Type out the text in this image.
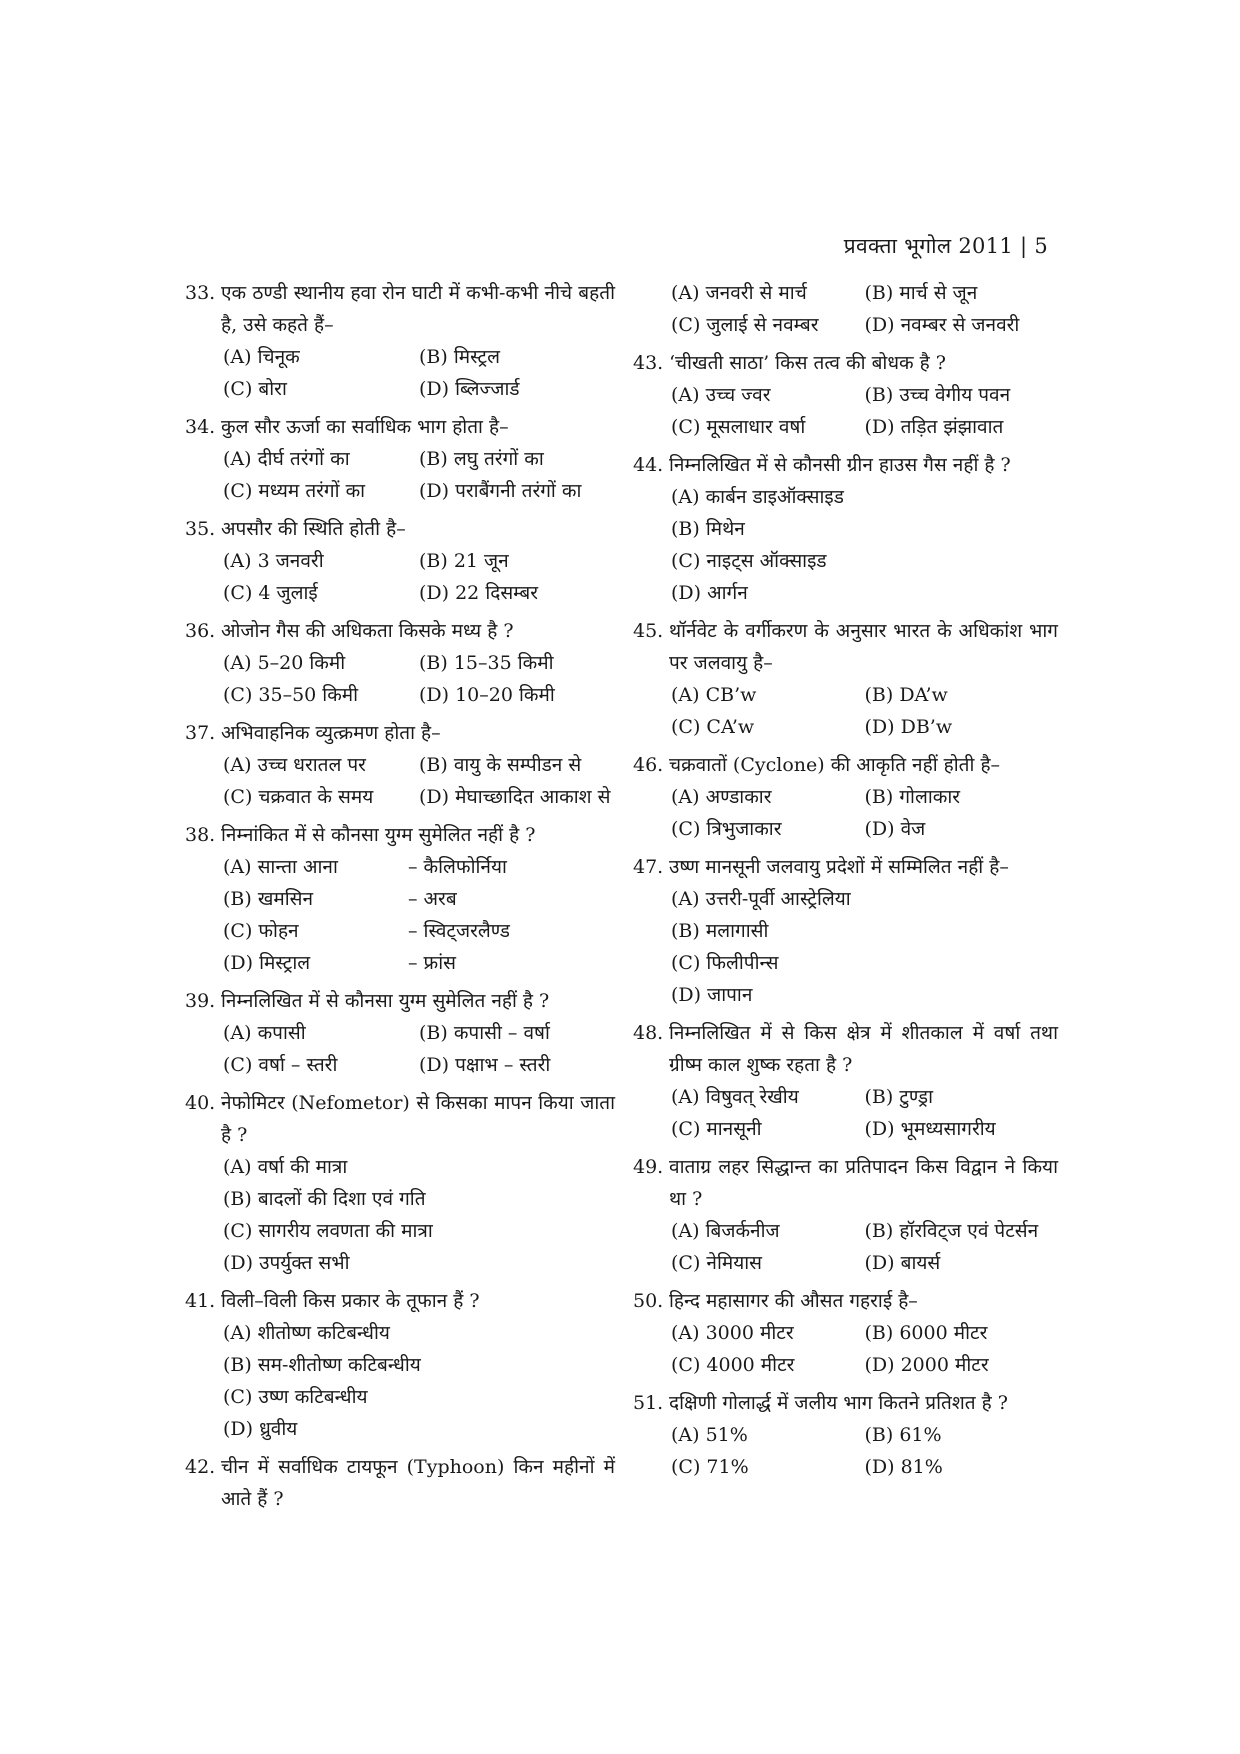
प्रवक्ता भूगोल 2011 | 5
33. एक ठण्डी स्थानीय हवा रोन घाटी में कभी-कभी नीचे बहती है, उसे कहते हैं–
(A) चिनूक	(B) मिस्ट्रल
(C) बोरा	(D) ब्लिज्जार्ड
34. कुल सौर ऊर्जा का सर्वाधिक भाग होता है–
(A) दीर्घ तरंगों का	(B) लघु तरंगों का
(C) मध्यम तरंगों का	(D) पराबैंगनी तरंगों का
35. अपसौर की स्थिति होती है–
(A) 3 जनवरी	(B) 21 जून
(C) 4 जुलाई	(D) 22 दिसम्बर
36. ओजोन गैस की अधिकता किसके मध्य है ?
(A) 5–20 किमी	(B) 15–35 किमी
(C) 35–50 किमी	(D) 10–20 किमी
37. अभिवाहनिक व्युत्क्रमण होता है–
(A) उच्च धरातल पर	(B) वायु के सम्पीडन से
(C) चक्रवात के समय	(D) मेघाच्छादित आकाश से
38. निम्नांकित में से कौनसा युग्म सुमेलित नहीं है ?
(A) सान्ता आना	– कैलिफोर्निया
(B) खमसिन	– अरब
(C) फोहन	– स्विट्जरलैण्ड
(D) मिस्ट्राल	– फ्रांस
39. निम्नलिखित में से कौनसा युग्म सुमेलित नहीं है ?
(A) कपासी	(B) कपासी – वर्षा
(C) वर्षा – स्तरी	(D) पक्षाभ – स्तरी
40. नेफोमिटर (Nefometor) से किसका मापन किया जाता है ?
(A) वर्षा की मात्रा
(B) बादलों की दिशा एवं गति
(C) सागरीय लवणता की मात्रा
(D) उपर्युक्त सभी
41. विली–विली किस प्रकार के तूफान हैं ?
(A) शीतोष्ण कटिबन्धीय
(B) सम-शीतोष्ण कटिबन्धीय
(C) उष्ण कटिबन्धीय
(D) ध्रुवीय
42. चीन में सर्वाधिक टायफून (Typhoon) किन महीनों में आते हैं ?
(A) जनवरी से मार्च	(B) मार्च से जून
(C) जुलाई से नवम्बर	(D) नवम्बर से जनवरी
43. ‘चीखती साठा’ किस तत्व की बोधक है ?
(A) उच्च ज्वर	(B) उच्च वेगीय पवन
(C) मूसलाधार वर्षा	(D) तड़ित झंझावात
44. निम्नलिखित में से कौनसी ग्रीन हाउस गैस नहीं है ?
(A) कार्बन डाइऑक्साइड
(B) मिथेन
(C) नाइट्स ऑक्साइड
(D) आर्गन
45. थॉर्नवेट के वर्गीकरण के अनुसार भारत के अधिकांश भाग पर जलवायु है–
(A) CB’w	(B) DA’w
(C) CA’w	(D) DB’w
46. चक्रवातों (Cyclone) की आकृति नहीं होती है–
(A) अण्डाकार	(B) गोलाकार
(C) त्रिभुजाकार	(D) वेज
47. उष्ण मानसूनी जलवायु प्रदेशों में सम्मिलित नहीं है–
(A) उत्तरी-पूर्वी आस्ट्रेलिया
(B) मलागासी
(C) फिलीपीन्स
(D) जापान
48. निम्नलिखित में से किस क्षेत्र में शीतकाल में वर्षा तथा ग्रीष्म काल शुष्क रहता है ?
(A) विषुवत् रेखीय	(B) टुण्ड्रा
(C) मानसूनी	(D) भूमध्यसागरीय
49. वाताग्र लहर सिद्धान्त का प्रतिपादन किस विद्वान ने किया था ?
(A) बिजर्कनीज	(B) हॉरविट्ज एवं पेटर्सन
(C) नेमियास	(D) बायर्स
50. हिन्द महासागर की औसत गहराई है–
(A) 3000 मीटर	(B) 6000 मीटर
(C) 4000 मीटर	(D) 2000 मीटर
51. दक्षिणी गोलार्द्ध में जलीय भाग कितने प्रतिशत है ?
(A) 51%	(B) 61%
(C) 71%	(D) 81%
